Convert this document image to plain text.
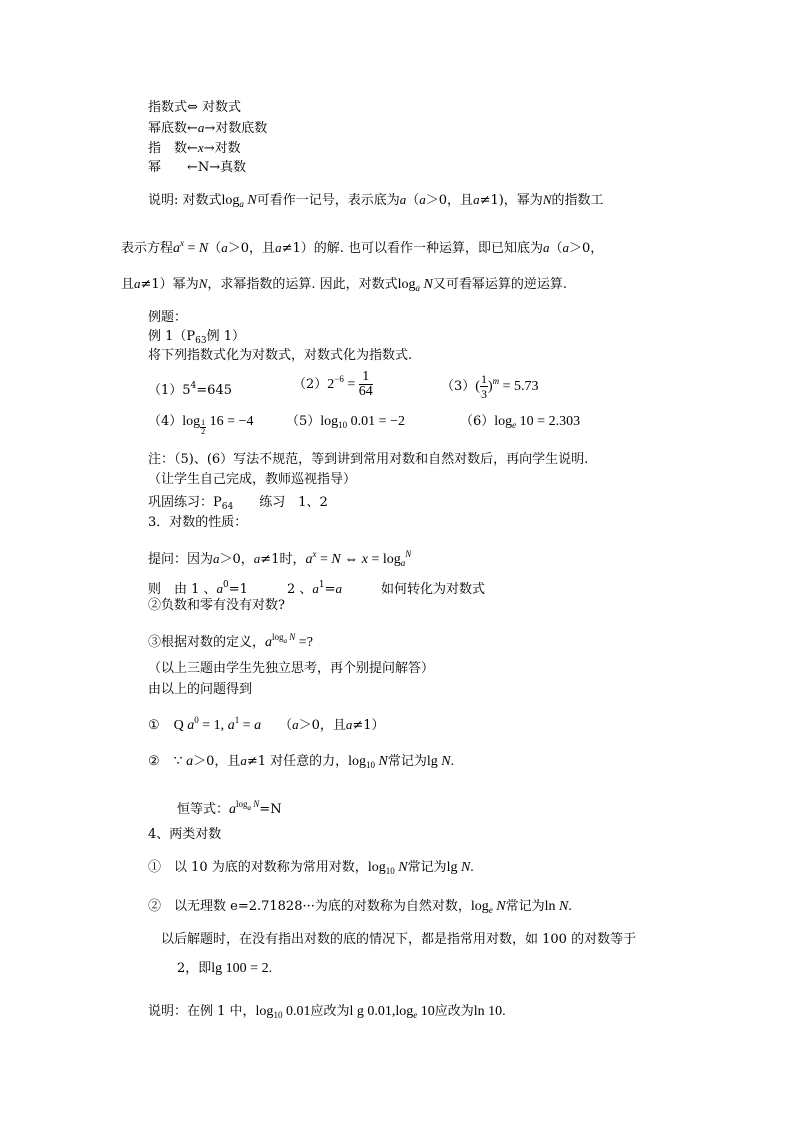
指数式⇔ 对数式
幂底数←a→对数底数
指　数←x→对数
幂　　←N→真数
说明: 对数式$\log_a N$可看作一记号，表示底为a（a＞0，且a≠1)，幂为N的指数工
表示方程$a^x = N(a>0$，且a≠1）的解. 也可以看作一种运算，即已知底为a（a＞0，
且a≠1）幂为N，求幂指数的运算. 因此，对数式$\log_a N$又可看幂运算的逆运算.
例题：
例 $1(P_{63}$例 1）
将下列指数式化为对数式，对数式化为指数式.
$(1)5^4=645$	$(2)2^{-6} = \frac{1}{64}$	$(3)( \frac{1}{3} )^m = 5.73$
（4）log $_{\frac{1}{2}}$ 16 = −4	$(5)\log_{10}$ 0.01 = −2	$(6)\log_e$ 10 = 2.303
注：（5)、(6）写法不规范，等到讲到常用对数和自然对数后，再向学生说明.
（让学生自己完成，教师巡视指导）
巩固练习：$P_{64}$　　练习　1、2
3．对数的性质：
提问：因为a＞0，a≠1时，$a^x = N$ ⇔ $x = \log_a^N$
则　由 1 、$a^0=1$　　　2 、$a^1=a$　　　如何转化为对数式
②负数和零有没有对数?
③根据对数的定义，$a^{log_a N}$ =?
（以上三题由学生先独立思考，再个别提问解答）
由以上的问题得到
① Q $a^0 = 1$, $a^1 = a$ （a＞0，且a≠1）
② ∵ a＞0，且a≠1 对任意的力，$\log_{10} N$常记为lg N.
恒等式：$a^{log_a N}=N$
4、两类对数
①　以 10 为底的对数称为常用对数，$\log_{10} N$常记为lg N.
②　以无理数 e=2.71828···为底的对数称为自然对数，$\log_e N$常记为ln N.
以后解题时，在没有指出对数的底的情况下，都是指常用对数，如 100 的对数等于
2，即lg 100 = 2.
说明：在例 1 中，$\log_{10} 0.01$应改为l g $0.01,\log_e$ 10应改为ln 10.
